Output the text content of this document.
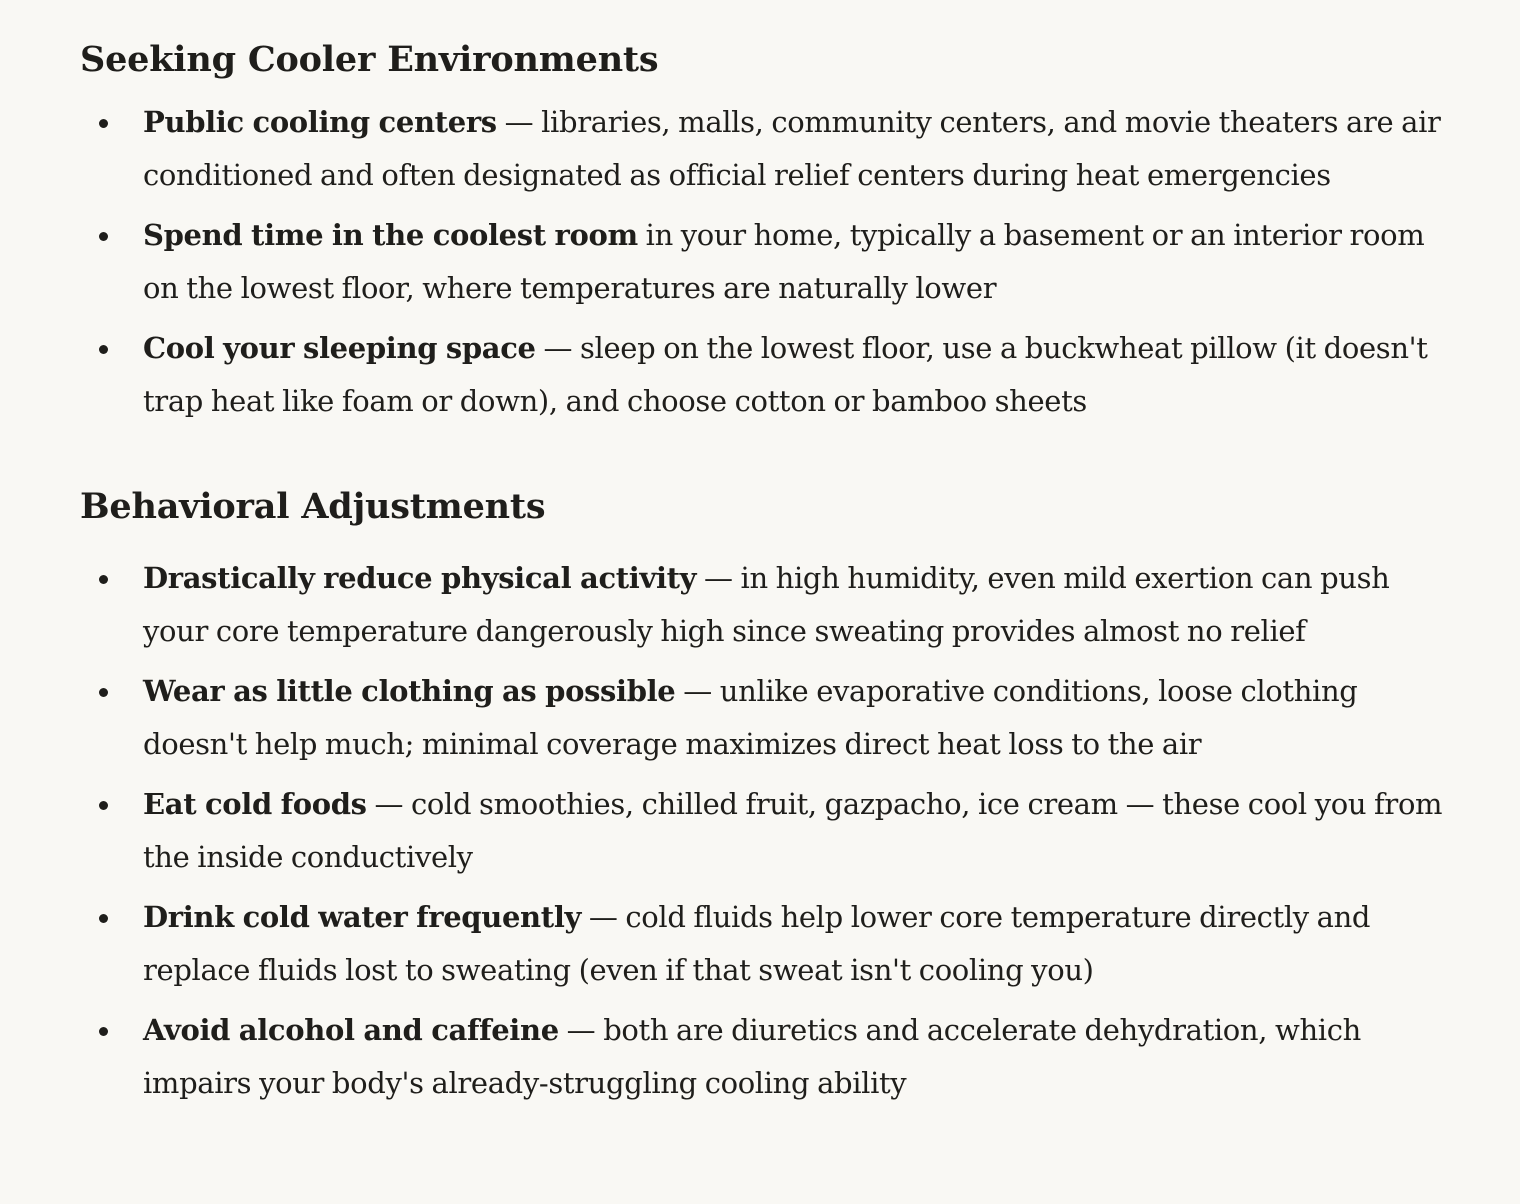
Seeking Cooler Environments
Public cooling centers — libraries, malls, community centers, and movie theaters are air conditioned and often designated as official relief centers during heat emergencies
Spend time in the coolest room in your home, typically a basement or an interior room on the lowest floor, where temperatures are naturally lower
Cool your sleeping space — sleep on the lowest floor, use a buckwheat pillow (it doesn't trap heat like foam or down), and choose cotton or bamboo sheets
Behavioral Adjustments
Drastically reduce physical activity — in high humidity, even mild exertion can push your core temperature dangerously high since sweating provides almost no relief
Wear as little clothing as possible — unlike evaporative conditions, loose clothing doesn't help much; minimal coverage maximizes direct heat loss to the air
Eat cold foods — cold smoothies, chilled fruit, gazpacho, ice cream — these cool you from the inside conductively
Drink cold water frequently — cold fluids help lower core temperature directly and replace fluids lost to sweating (even if that sweat isn't cooling you)
Avoid alcohol and caffeine — both are diuretics and accelerate dehydration, which impairs your body's already-struggling cooling ability
